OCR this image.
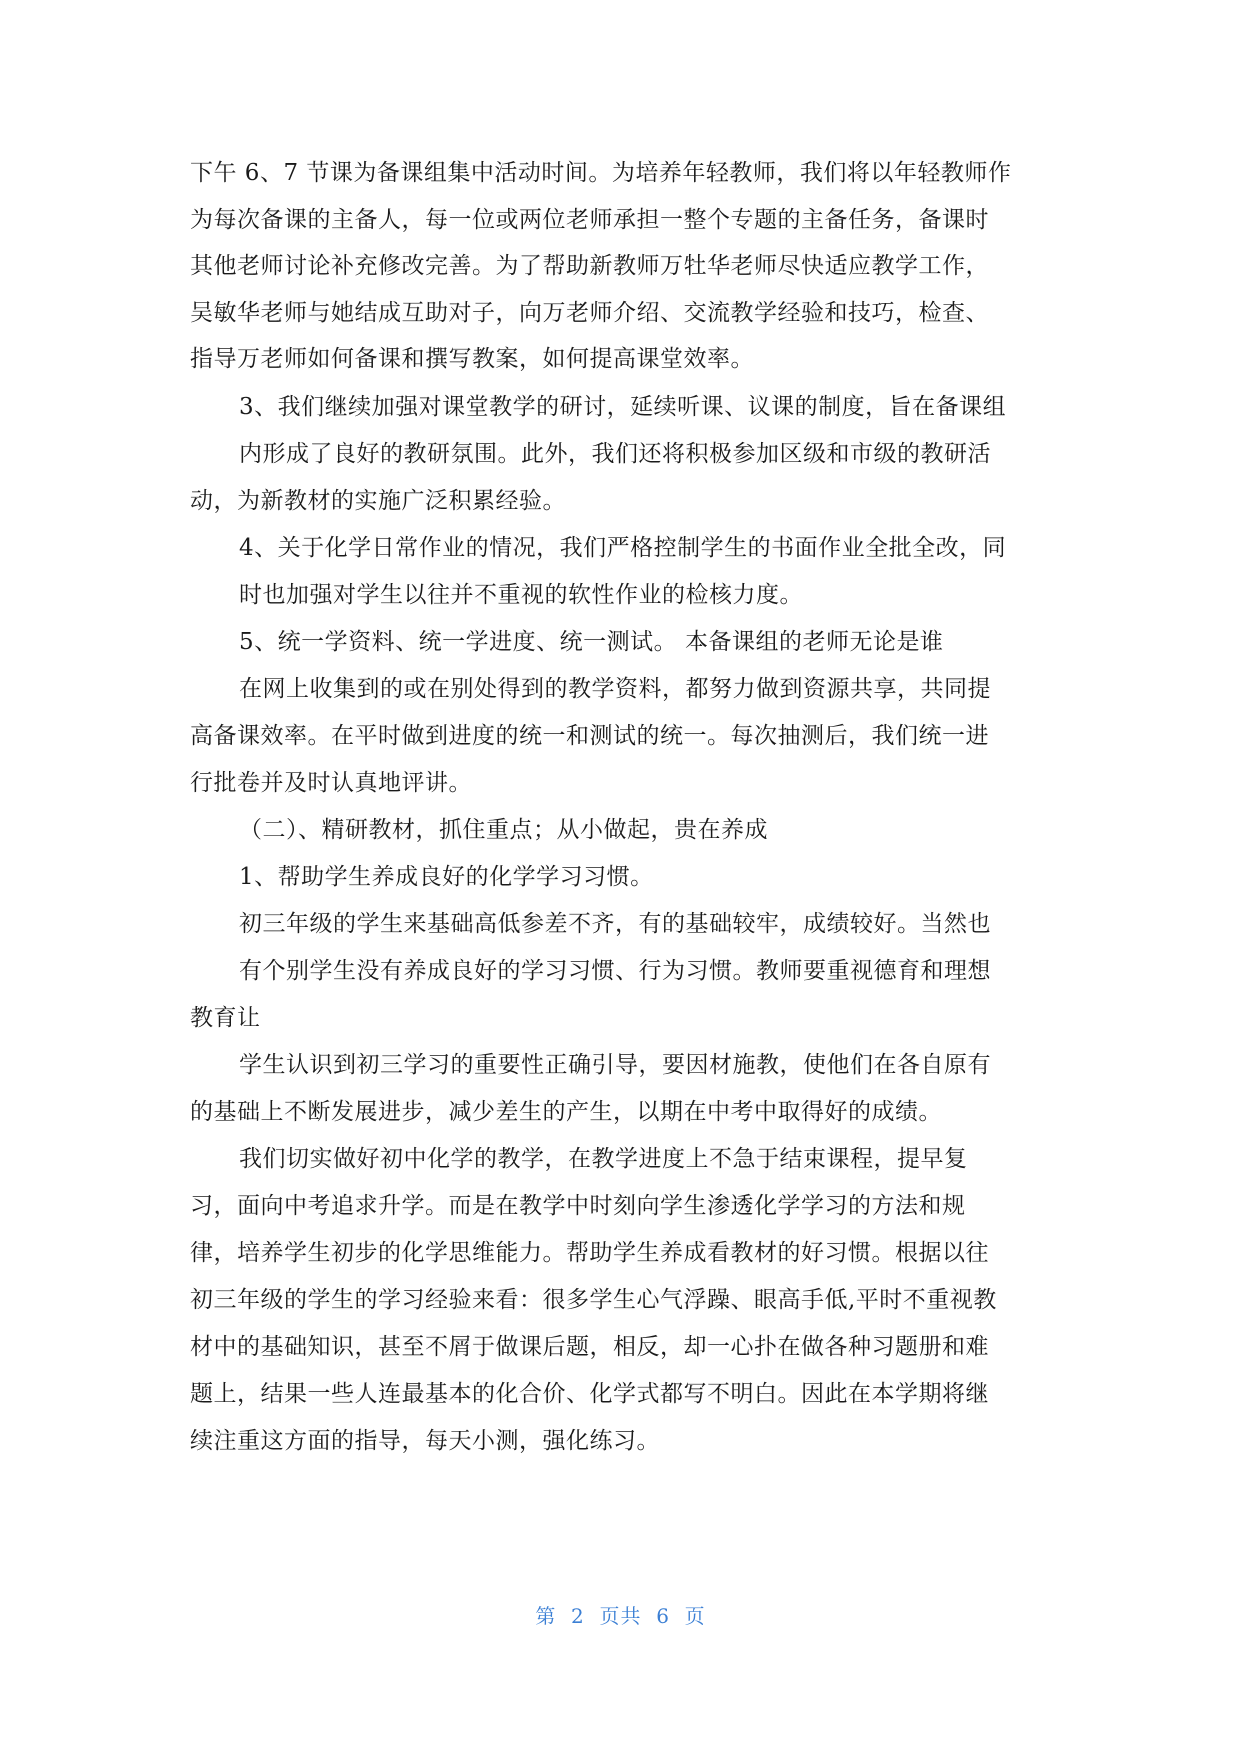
下午 6、7 节课为备课组集中活动时间。为培养年轻教师，我们将以年轻教师作
为每次备课的主备人，每一位或两位老师承担一整个专题的主备任务，备课时
其他老师讨论补充修改完善。为了帮助新教师万牡华老师尽快适应教学工作，
吴敏华老师与她结成互助对子，向万老师介绍、交流教学经验和技巧，检查、
指导万老师如何备课和撰写教案，如何提高课堂效率。
3、我们继续加强对课堂教学的研讨，延续听课、议课的制度，旨在备课组
内形成了良好的教研氛围。此外，我们还将积极参加区级和市级的教研活
动，为新教材的实施广泛积累经验。
4、关于化学日常作业的情况，我们严格控制学生的书面作业全批全改，同
时也加强对学生以往并不重视的软性作业的检核力度。
5、统一学资料、统一学进度、统一测试。 本备课组的老师无论是谁
在网上收集到的或在别处得到的教学资料，都努力做到资源共享，共同提
高备课效率。在平时做到进度的统一和测试的统一。每次抽测后，我们统一进
行批卷并及时认真地评讲。
（二）、精研教材，抓住重点；从小做起，贵在养成
1、帮助学生养成良好的化学学习习惯。
初三年级的学生来基础高低参差不齐，有的基础较牢，成绩较好。当然也
有个别学生没有养成良好的学习习惯、行为习惯。教师要重视德育和理想
教育让
学生认识到初三学习的重要性正确引导，要因材施教，使他们在各自原有
的基础上不断发展进步，减少差生的产生，以期在中考中取得好的成绩。
我们切实做好初中化学的教学，在教学进度上不急于结束课程，提早复
习，面向中考追求升学。而是在教学中时刻向学生渗透化学学习的方法和规
律，培养学生初步的化学思维能力。帮助学生养成看教材的好习惯。根据以往
初三年级的学生的学习经验来看：很多学生心气浮躁、眼高手低,平时不重视教
材中的基础知识，甚至不屑于做课后题，相反，却一心扑在做各种习题册和难
题上，结果一些人连最基本的化合价、化学式都写不明白。因此在本学期将继
续注重这方面的指导，每天小测，强化练习。
第  2  页共  6  页
